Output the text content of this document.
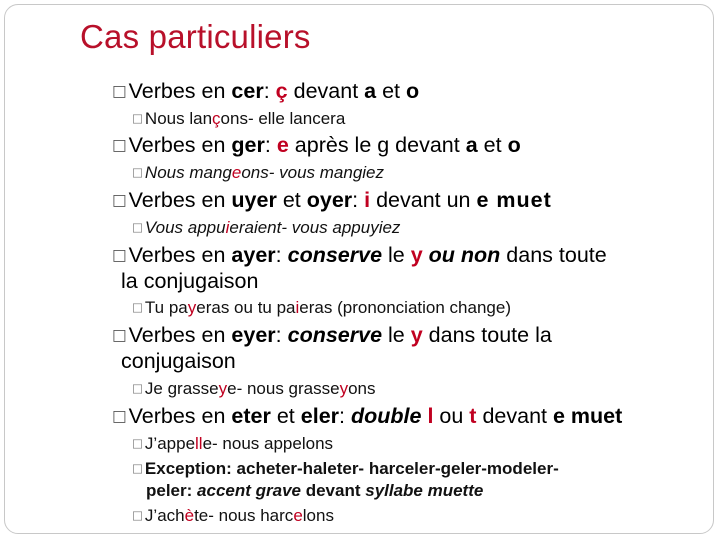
Cas particuliers

□Verbes en cer: ç devant a et o

□ Nous lançons- elle lancera

□Verbes en ger: e après le g devant a et o

□ Nous mangeons- vous mangiez

□Verbes en uyer et oyer: i devant un e muet

□ Vous appuieraient- vous appuyiez

□Verbes en ayer: conserve le y ou non dans toute

la conjugaison

□ Tu payeras ou tu paieras (prononciation change)

□Verbes en eyer: conserve le y dans toute la

conjugaison

□ Je grasseye- nous grasseyons

□Verbes en eter et eler: double l ou t devant e muet

□ J’appelle- nous appelons

□ Exception: acheter-haleter- harceler-geler-modeler-

peler: accent grave devant syllabe muette

□ J’achète- nous harcelons
